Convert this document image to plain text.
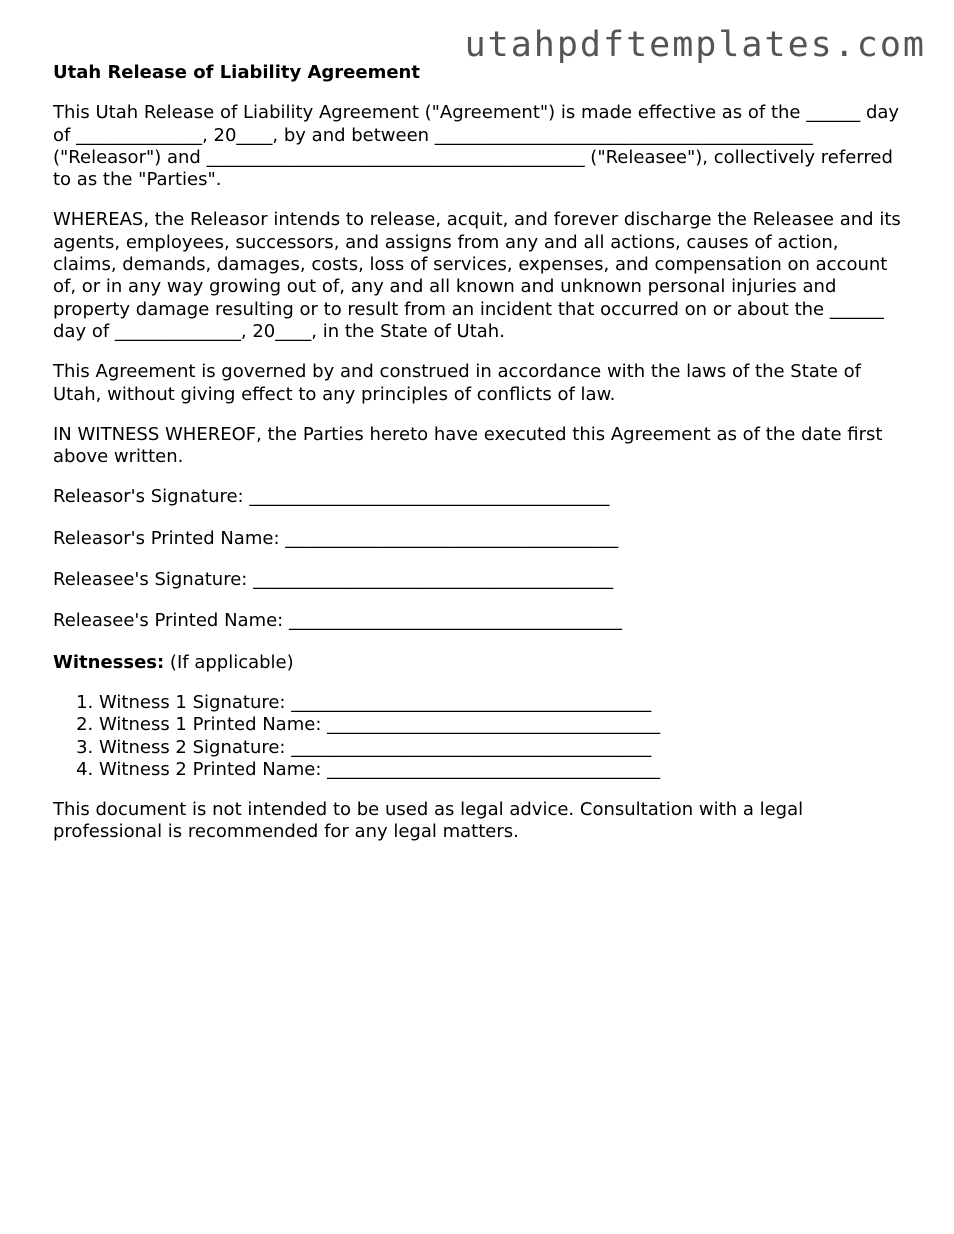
utahpdftemplates.com
Utah Release of Liability Agreement

This Utah Release of Liability Agreement ("Agreement") is made effective as of the ______ day of ______________, 20____, by and between __________________________________________ ("Releasor") and __________________________________________ ("Releasee"), collectively referred to as the "Parties".

WHEREAS, the Releasor intends to release, acquit, and forever discharge the Releasee and its agents, employees, successors, and assigns from any and all actions, causes of action, claims, demands, damages, costs, loss of services, expenses, and compensation on account of, or in any way growing out of, any and all known and unknown personal injuries and property damage resulting or to result from an incident that occurred on or about the ______ day of ______________, 20____, in the State of Utah.

This Agreement is governed by and construed in accordance with the laws of the State of Utah, without giving effect to any principles of conflicts of law.

IN WITNESS WHEREOF, the Parties hereto have executed this Agreement as of the date first above written.

Releasor's Signature: ________________________________________
Releasor's Printed Name: _____________________________________
Releasee's Signature: ________________________________________
Releasee's Printed Name: _____________________________________
Witnesses: (If applicable)
1. Witness 1 Signature: ________________________________________
2. Witness 1 Printed Name: _____________________________________
3. Witness 2 Signature: ________________________________________
4. Witness 2 Printed Name: _____________________________________

This document is not intended to be used as legal advice. Consultation with a legal professional is recommended for any legal matters.
